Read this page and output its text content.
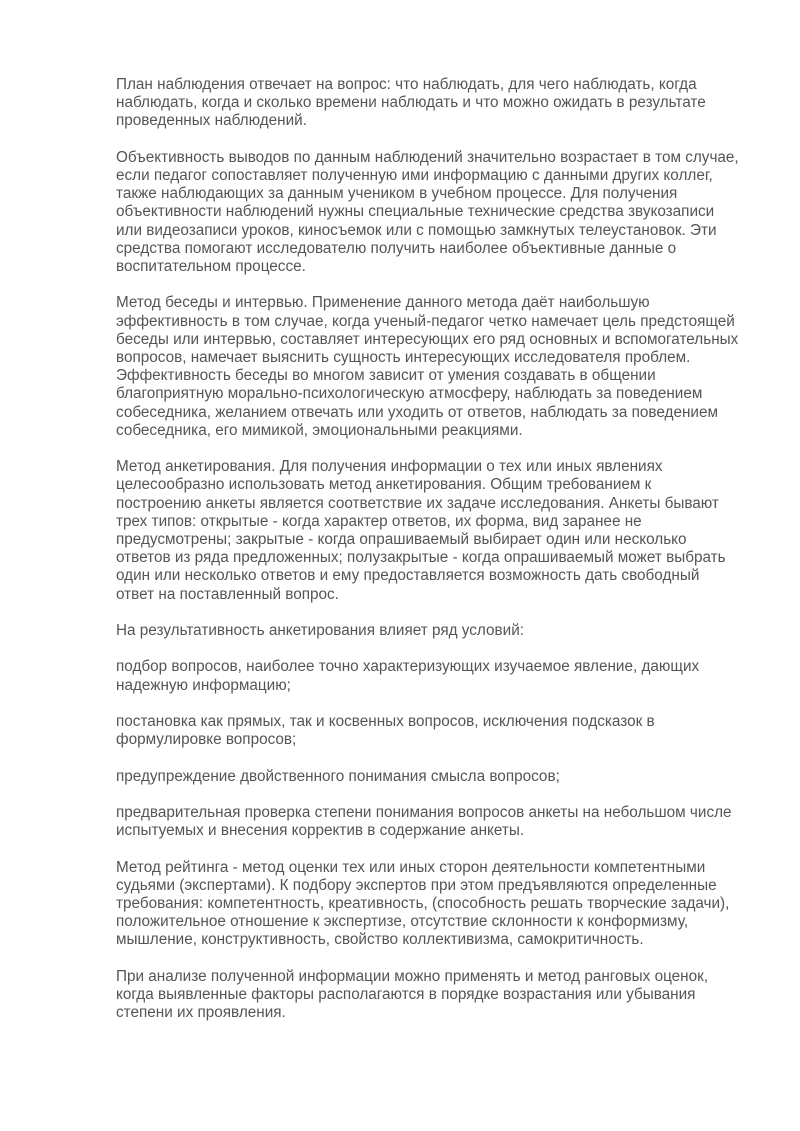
План наблюдения отвечает на вопрос: что наблюдать, для чего наблюдать, когда наблюдать, когда и сколько времени наблюдать и что можно ожидать в результате проведенных наблюдений.

Объективность выводов по данным наблюдений значительно возрастает в том случае, если педагог сопоставляет полученную ими информацию с данными других коллег, также наблюдающих за данным учеником в учебном процессе. Для получения объективности наблюдений нужны специальные технические средства звукозаписи или видеозаписи уроков, киносъемок или с помощью замкнутых телеустановок. Эти средства помогают исследователю получить наиболее объективные данные о воспитательном процессе.

Метод беседы и интервью. Применение данного метода даёт наибольшую эффективность в том случае, когда ученый-педагог четко намечает цель предстоящей беседы или интервью, составляет интересующих его ряд основных и вспомогательных вопросов, намечает выяснить сущность интересующих исследователя проблем. Эффективность беседы во многом зависит от умения создавать в общении благоприятную морально-психологическую атмосферу, наблюдать за поведением собеседника, желанием отвечать или уходить от ответов, наблюдать за поведением собеседника, его мимикой, эмоциональными реакциями.

Метод анкетирования. Для получения информации о тех или иных явлениях целесообразно использовать метод анкетирования. Общим требованием к построению анкеты является соответствие их задаче исследования. Анкеты бывают трех типов: открытые - когда характер ответов, их форма, вид заранее не предусмотрены; закрытые - когда опрашиваемый выбирает один или несколько ответов из ряда предложенных; полузакрытые - когда опрашиваемый может выбрать один или несколько ответов и ему предоставляется возможность дать свободный ответ на поставленный вопрос.

На результативность анкетирования влияет ряд условий:

подбор вопросов, наиболее точно характеризующих изучаемое явление, дающих надежную информацию;

постановка как прямых, так и косвенных вопросов, исключения подсказок в формулировке вопросов;

предупреждение двойственного понимания смысла вопросов;

предварительная проверка степени понимания вопросов анкеты на небольшом числе испытуемых и внесения корректив в содержание анкеты.

Метод рейтинга - метод оценки тех или иных сторон деятельности компетентными судьями (экспертами). К подбору экспертов при этом предъявляются определенные требования: компетентность, креативность, (способность решать творческие задачи), положительное отношение к экспертизе, отсутствие склонности к конформизму, мышление, конструктивность, свойство коллективизма, самокритичность.

При анализе полученной информации можно применять и метод ранговых оценок, когда выявленные факторы располагаются в порядке возрастания или убывания степени их проявления.
